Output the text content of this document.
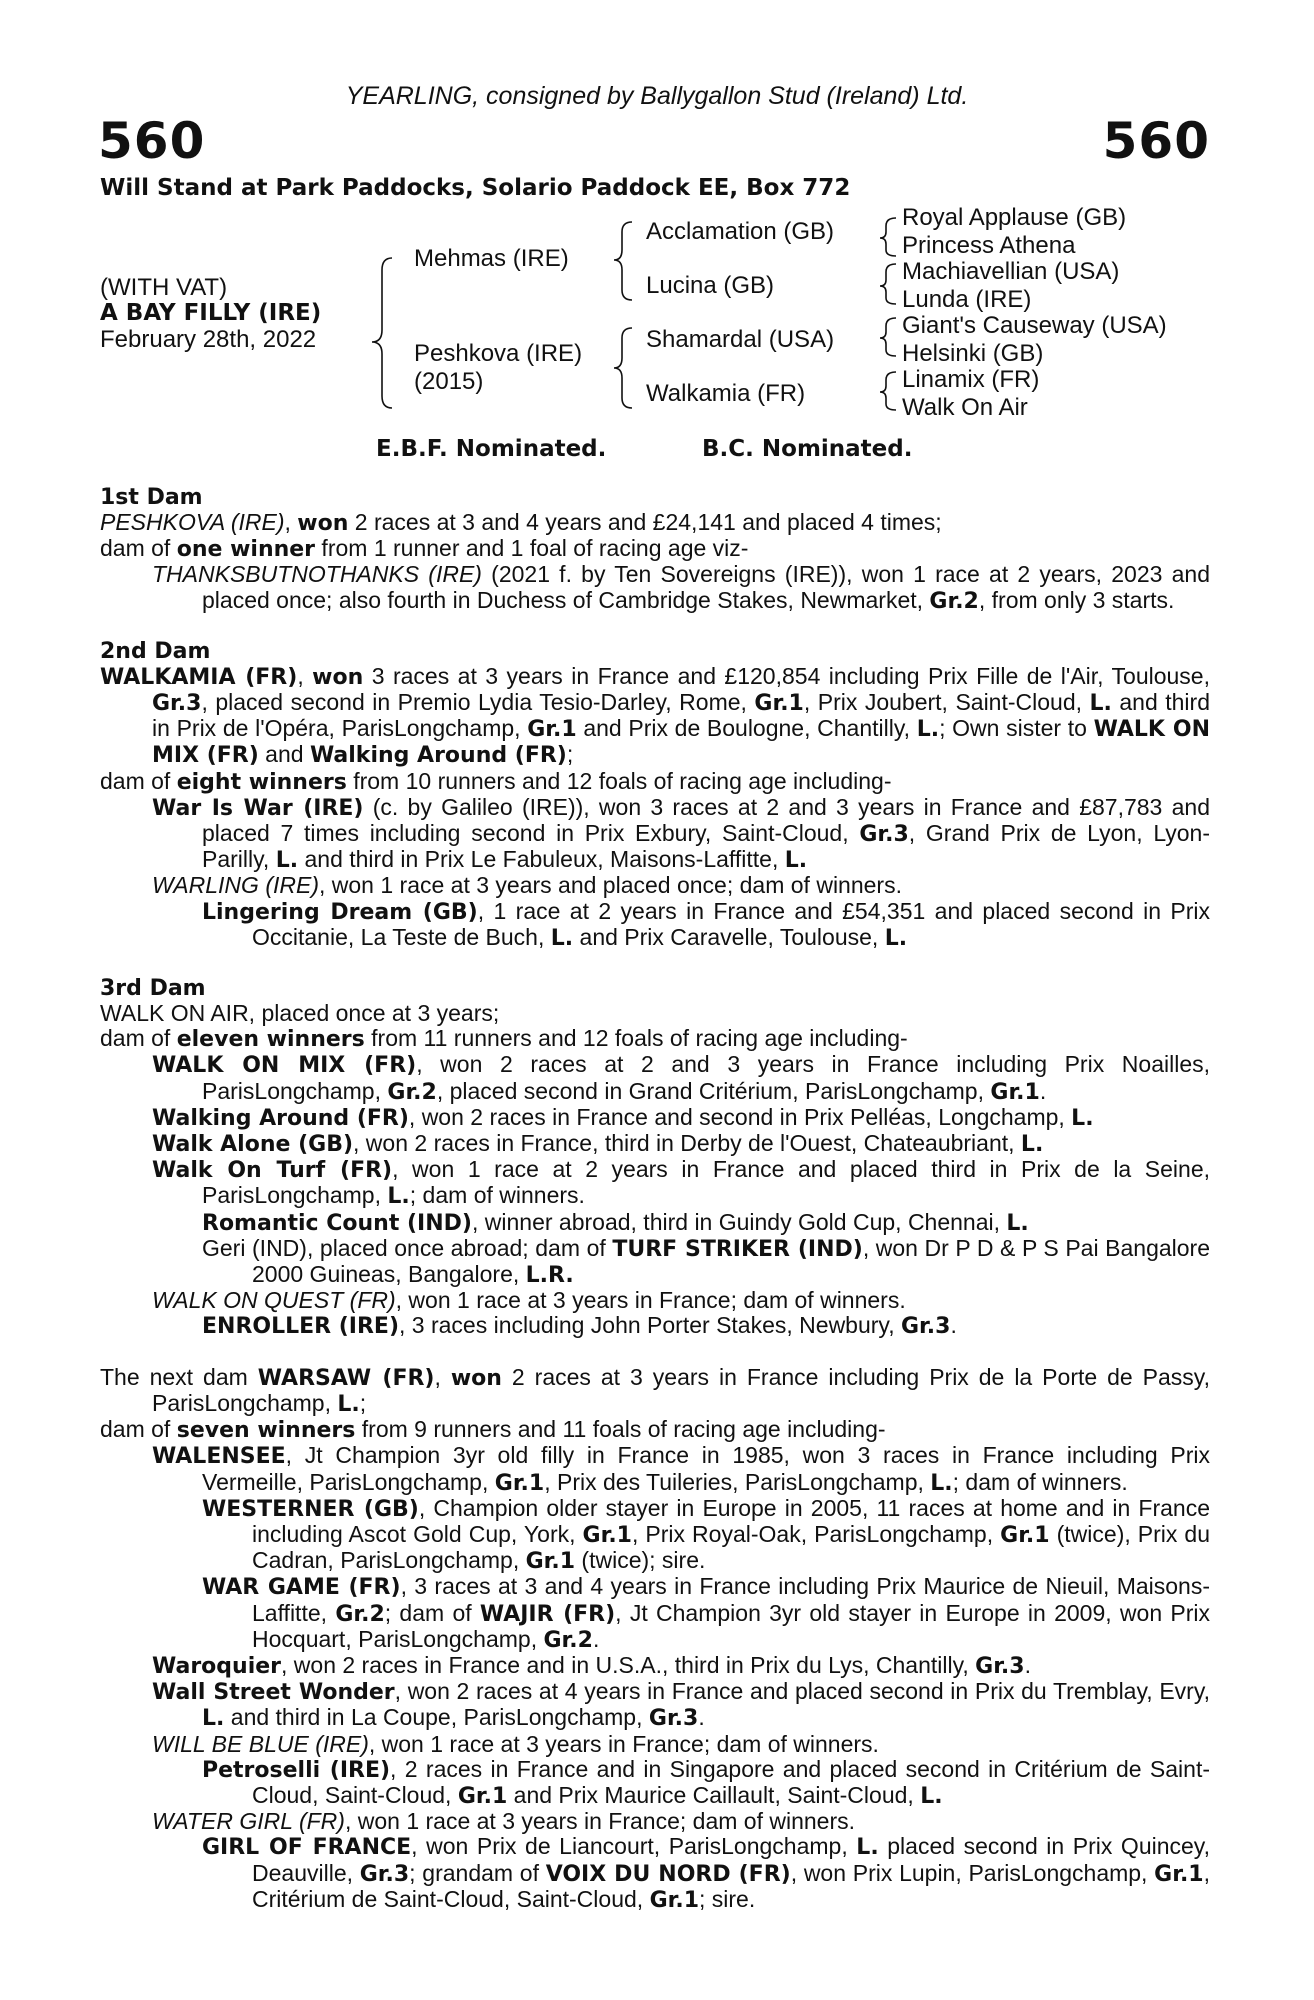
YEARLING, consigned by Ballygallon Stud (Ireland) Ltd.
560	560
Will Stand at Park Paddocks, Solario Paddock EE, Box 772
(WITH VAT)
A BAY FILLY (IRE)
February 28th, 2022
Mehmas (IRE)
Peshkova (IRE)
(2015)
Acclamation (GB)
Lucina (GB)
Shamardal (USA)
Walkamia (FR)
Royal Applause (GB)
Princess Athena
Machiavellian (USA)
Lunda (IRE)
Giant's Causeway (USA)
Helsinki (GB)
Linamix (FR)
Walk On Air
E.B.F. Nominated.	B.C. Nominated.
1st Dam

PESHKOVA (IRE), won 2 races at 3 and 4 years and £24,141 and placed 4 times;

dam of one winner from 1 runner and 1 foal of racing age viz-

THANKSBUTNOTHANKS (IRE) (2021 f. by Ten Sovereigns (IRE)), won 1 race at 2 years, 2023 and placed once; also fourth in Duchess of Cambridge Stakes, Newmarket, Gr.2, from only 3 starts.

2nd Dam

WALKAMIA (FR), won 3 races at 3 years in France and £120,854 including Prix Fille de l'Air, Toulouse, Gr.3, placed second in Premio Lydia Tesio-Darley, Rome, Gr.1, Prix Joubert, Saint-Cloud, L. and third in Prix de l'Opéra, ParisLongchamp, Gr.1 and Prix de Boulogne, Chantilly, L.; Own sister to WALK ON MIX (FR) and Walking Around (FR);

dam of eight winners from 10 runners and 12 foals of racing age including-

War Is War (IRE) (c. by Galileo (IRE)), won 3 races at 2 and 3 years in France and £87,783 and placed 7 times including second in Prix Exbury, Saint-Cloud, Gr.3, Grand Prix de Lyon, Lyon-Parilly, L. and third in Prix Le Fabuleux, Maisons-Laffitte, L.

WARLING (IRE), won 1 race at 3 years and placed once; dam of winners.

Lingering Dream (GB), 1 race at 2 years in France and £54,351 and placed second in Prix Occitanie, La Teste de Buch, L. and Prix Caravelle, Toulouse, L.

3rd Dam

WALK ON AIR, placed once at 3 years;

dam of eleven winners from 11 runners and 12 foals of racing age including-

WALK ON MIX (FR), won 2 races at 2 and 3 years in France including Prix Noailles, ParisLongchamp, Gr.2, placed second in Grand Critérium, ParisLongchamp, Gr.1.

Walking Around (FR), won 2 races in France and second in Prix Pelléas, Longchamp, L.

Walk Alone (GB), won 2 races in France, third in Derby de l'Ouest, Chateaubriant, L.

Walk On Turf (FR), won 1 race at 2 years in France and placed third in Prix de la Seine, ParisLongchamp, L.; dam of winners.

Romantic Count (IND), winner abroad, third in Guindy Gold Cup, Chennai, L.

Geri (IND), placed once abroad; dam of TURF STRIKER (IND), won Dr P D & P S Pai Bangalore 2000 Guineas, Bangalore, L.R.

WALK ON QUEST (FR), won 1 race at 3 years in France; dam of winners.

ENROLLER (IRE), 3 races including John Porter Stakes, Newbury, Gr.3.

The next dam WARSAW (FR), won 2 races at 3 years in France including Prix de la Porte de Passy, ParisLongchamp, L.;

dam of seven winners from 9 runners and 11 foals of racing age including-

WALENSEE, Jt Champion 3yr old filly in France in 1985, won 3 races in France including Prix Vermeille, ParisLongchamp, Gr.1, Prix des Tuileries, ParisLongchamp, L.; dam of winners.

WESTERNER (GB), Champion older stayer in Europe in 2005, 11 races at home and in France including Ascot Gold Cup, York, Gr.1, Prix Royal-Oak, ParisLongchamp, Gr.1 (twice), Prix du Cadran, ParisLongchamp, Gr.1 (twice); sire.

WAR GAME (FR), 3 races at 3 and 4 years in France including Prix Maurice de Nieuil, Maisons-Laffitte, Gr.2; dam of WAJIR (FR), Jt Champion 3yr old stayer in Europe in 2009, won Prix Hocquart, ParisLongchamp, Gr.2.

Waroquier, won 2 races in France and in U.S.A., third in Prix du Lys, Chantilly, Gr.3.

Wall Street Wonder, won 2 races at 4 years in France and placed second in Prix du Tremblay, Evry, L. and third in La Coupe, ParisLongchamp, Gr.3.

WILL BE BLUE (IRE), won 1 race at 3 years in France; dam of winners.

Petroselli (IRE), 2 races in France and in Singapore and placed second in Critérium de Saint-Cloud, Saint-Cloud, Gr.1 and Prix Maurice Caillault, Saint-Cloud, L.

WATER GIRL (FR), won 1 race at 3 years in France; dam of winners.

GIRL OF FRANCE, won Prix de Liancourt, ParisLongchamp, L. placed second in Prix Quincey, Deauville, Gr.3; grandam of VOIX DU NORD (FR), won Prix Lupin, ParisLongchamp, Gr.1, Critérium de Saint-Cloud, Saint-Cloud, Gr.1; sire.
